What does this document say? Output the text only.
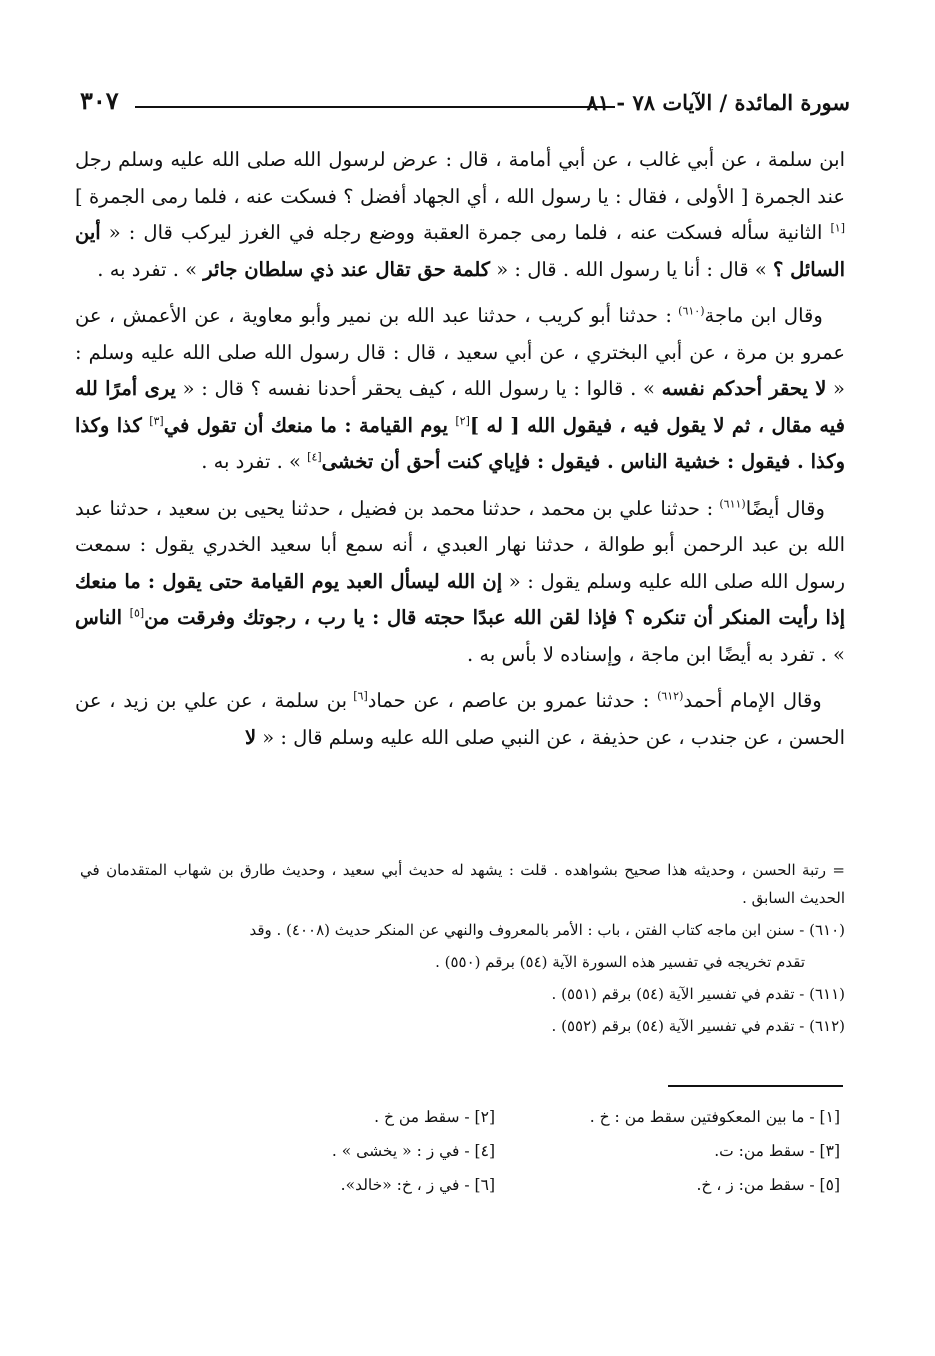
سورة المائدة / الآيات ٧٨ - ٨١
٣٠٧

ابن سلمة ، عن أبي غالب ، عن أبي أمامة ، قال : عرض لرسول الله صلى الله عليه وسلم رجل عند الجمرة [ الأولى ، فقال : يا رسول الله ، أي الجهاد أفضل ؟ فسكت عنه ، فلما رمى الجمرة ][١] الثانية سأله فسكت عنه ، فلما رمى جمرة العقبة ووضع رجله في الغرز ليركب قال : « أين السائل ؟ » قال : أنا يا رسول الله . قال : « كلمة حق تقال عند ذي سلطان جائر » . تفرد به .

وقال ابن ماجة$^{(٦١٠)}$ : حدثنا أبو كريب ، حدثنا عبد الله بن نمير وأبو معاوية ، عن الأعمش ، عن عمرو بن مرة ، عن أبي البختري ، عن أبي سعيد ، قال : قال رسول الله صلى الله عليه وسلم : « لا يحقر أحدكم نفسه » . قالوا : يا رسول الله ، كيف يحقر أحدنا نفسه ؟ قال : « يرى أمرًا لله فيه مقال ، ثم لا يقول فيه ، فيقول الله [ له ][٢] يوم القيامة : ما منعك أن تقول في[٣] كذا وكذا وكذا . فيقول : خشية الناس . فيقول : فإياي كنت أحق أن تخشى[٤] » . تفرد به .

وقال أيضًا$^{(٦١١)}$ : حدثنا علي بن محمد ، حدثنا محمد بن فضيل ، حدثنا يحيى بن سعيد ، حدثنا عبد الله بن عبد الرحمن أبو طوالة ، حدثنا نهار العبدي ، أنه سمع أبا سعيد الخدري يقول : سمعت رسول الله صلى الله عليه وسلم يقول : « إن الله ليسأل العبد يوم القيامة حتى يقول : ما منعك إذا رأيت المنكر أن تنكره ؟ فإذا لقن الله عبدًا حجته قال : يا رب ، رجوتك وفرقت من[٥] الناس » . تفرد به أيضًا ابن ماجة ، وإسناده لا بأس به .

وقال الإمام أحمد$^{(٦١٢)}$ : حدثنا عمرو بن عاصم ، عن حماد[٦] بن سلمة ، عن علي بن زيد ، عن الحسن ، عن جندب ، عن حذيفة ، عن النبي صلى الله عليه وسلم قال : « لا

= رتبة الحسن ، وحديثه هذا صحيح بشواهده . قلت : يشهد له حديث أبي سعيد ، وحديث طارق بن شهاب المتقدمان في الحديث السابق .

(٦١٠) - سنن ابن ماجه كتاب الفتن ، باب : الأمر بالمعروف والنهي عن المنكر حديث (٤٠٠٨) . وقد

تقدم تخريجه في تفسير هذه السورة الآية (٥٤) برقم (٥٥٠) .

(٦١١) - تقدم في تفسير الآية (٥٤) برقم (٥٥١) .

(٦١٢) - تقدم في تفسير الآية (٥٤) برقم (٥٥٢) .

[١] - ما بين المعكوفتين سقط من : خ .
[٢] - سقط من خ .
[٣] - سقط من: ت.
[٤] - في ز : « يخشى » .
[٥] - سقط من: ز ، خ.
[٦] - في ز ، خ: «خالد».
